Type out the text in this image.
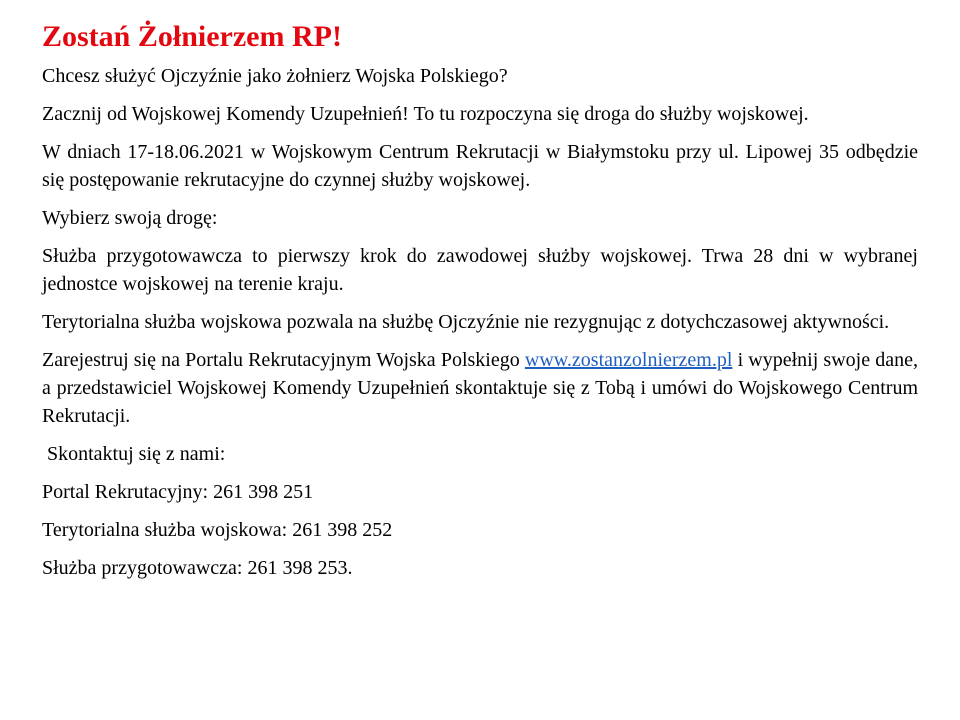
Zostań Żołnierzem RP!

Chcesz służyć Ojczyźnie jako żołnierz Wojska Polskiego?

Zacznij od Wojskowej Komendy Uzupełnień! To tu rozpoczyna się droga do służby wojskowej.

W dniach 17-18.06.2021 w Wojskowym Centrum Rekrutacji w Białymstoku przy ul. Lipowej 35 odbędzie się postępowanie rekrutacyjne do czynnej służby wojskowej.

Wybierz swoją drogę:

Służba przygotowawcza to pierwszy krok do zawodowej służby wojskowej. Trwa 28 dni w wybranej jednostce wojskowej na terenie kraju.

Terytorialna służba wojskowa pozwala na służbę Ojczyźnie nie rezygnując z dotychczasowej aktywności.

Zarejestruj się na Portalu Rekrutacyjnym Wojska Polskiego www.zostanzolnierzem.pl i wypełnij swoje dane, a przedstawiciel Wojskowej Komendy Uzupełnień skontaktuje się z Tobą i umówi do Wojskowego Centrum Rekrutacji.

Skontaktuj się z nami:

Portal Rekrutacyjny: 261 398 251

Terytorialna służba wojskowa: 261 398 252

Służba przygotowawcza: 261 398 253.
